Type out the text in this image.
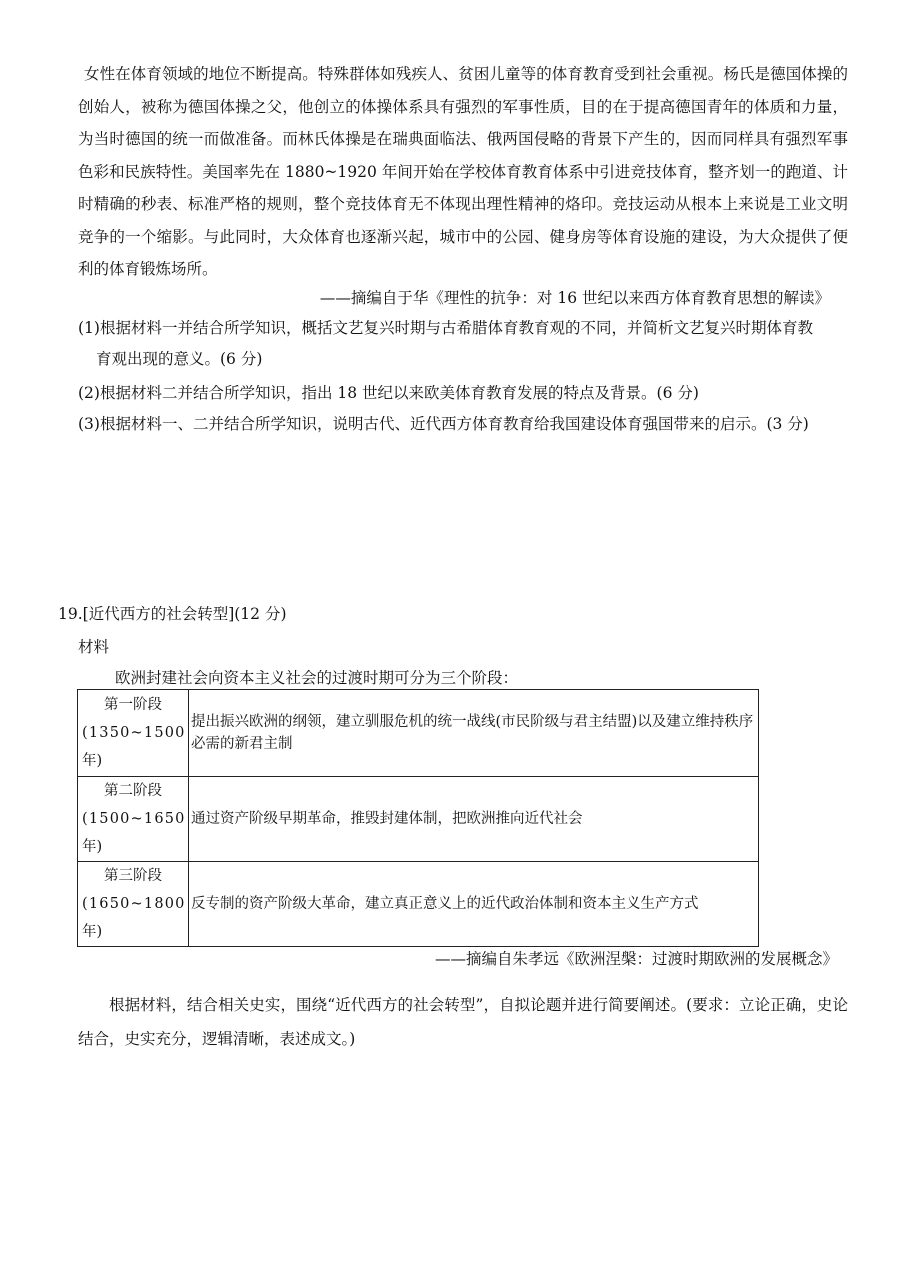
女性在体育领域的地位不断提高。特殊群体如残疾人、贫困儿童等的体育教育受到社会重视。杨氏是德国体操的创始人，被称为德国体操之父，他创立的体操体系具有强烈的军事性质，目的在于提高德国青年的体质和力量，为当时德国的统一而做准备。而林氏体操是在瑞典面临法、俄两国侵略的背景下产生的，因而同样具有强烈军事色彩和民族特性。美国率先在 1880~1920 年间开始在学校体育教育体系中引进竞技体育，整齐划一的跑道、计时精确的秒表、标准严格的规则，整个竞技体育无不体现出理性精神的烙印。竞技运动从根本上来说是工业文明竞争的一个缩影。与此同时，大众体育也逐渐兴起，城市中的公园、健身房等体育设施的建设，为大众提供了便利的体育锻炼场所。

——摘编自于华《理性的抗争：对 16 世纪以来西方体育教育思想的解读》

(1)根据材料一并结合所学知识，概括文艺复兴时期与古希腊体育教育观的不同，并简析文艺复兴时期体育教
育观出现的意义。(6 分)
(2)根据材料二并结合所学知识，指出 18 世纪以来欧美体育教育发展的特点及背景。(6 分)
(3)根据材料一、二并结合所学知识，说明古代、近代西方体育教育给我国建设体育强国带来的启示。(3 分)

19.[近代西方的社会转型](12 分)

材料

欧洲封建社会向资本主义社会的过渡时期可分为三个阶段：

第一阶段
(1350~1500
年)	提出振兴欧洲的纲领，建立驯服危机的统一战线(市民阶级与君主结盟)以及建立维持秩序必需的新君主制

第二阶段
(1500~1650
年)	通过资产阶级早期革命，推毁封建体制，把欧洲推向近代社会

第三阶段
(1650~1800
年)	反专制的资产阶级大革命，建立真正意义上的近代政治体制和资本主义生产方式

——摘编自朱孝远《欧洲涅槃：过渡时期欧洲的发展概念》

根据材料，结合相关史实，围绕“近代西方的社会转型”，自拟论题并进行简要阐述。(要求：立论正确，史论结合，史实充分，逻辑清晰，表述成文。)
